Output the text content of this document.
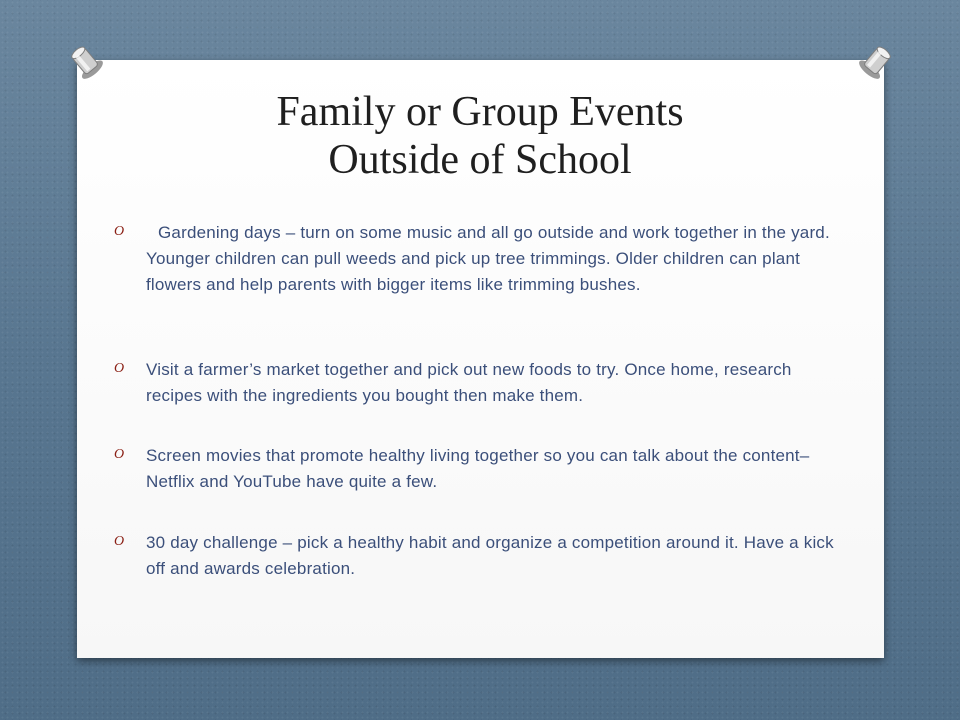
Family or Group Events
Outside of School
O	Gardening days – turn on some music and all go outside and work together in the yard. Younger children can pull weeds and pick up tree trimmings. Older children can plant flowers and help parents with bigger items like trimming bushes.
O Visit a farmer’s market together and pick out new foods to try. Once home, research recipes with the ingredients you bought then make them.
O Screen movies that promote healthy living together so you can talk about the content– Netflix and YouTube have quite a few.
O 30 day challenge – pick a healthy habit and organize a competition around it. Have a kick off and awards celebration.
